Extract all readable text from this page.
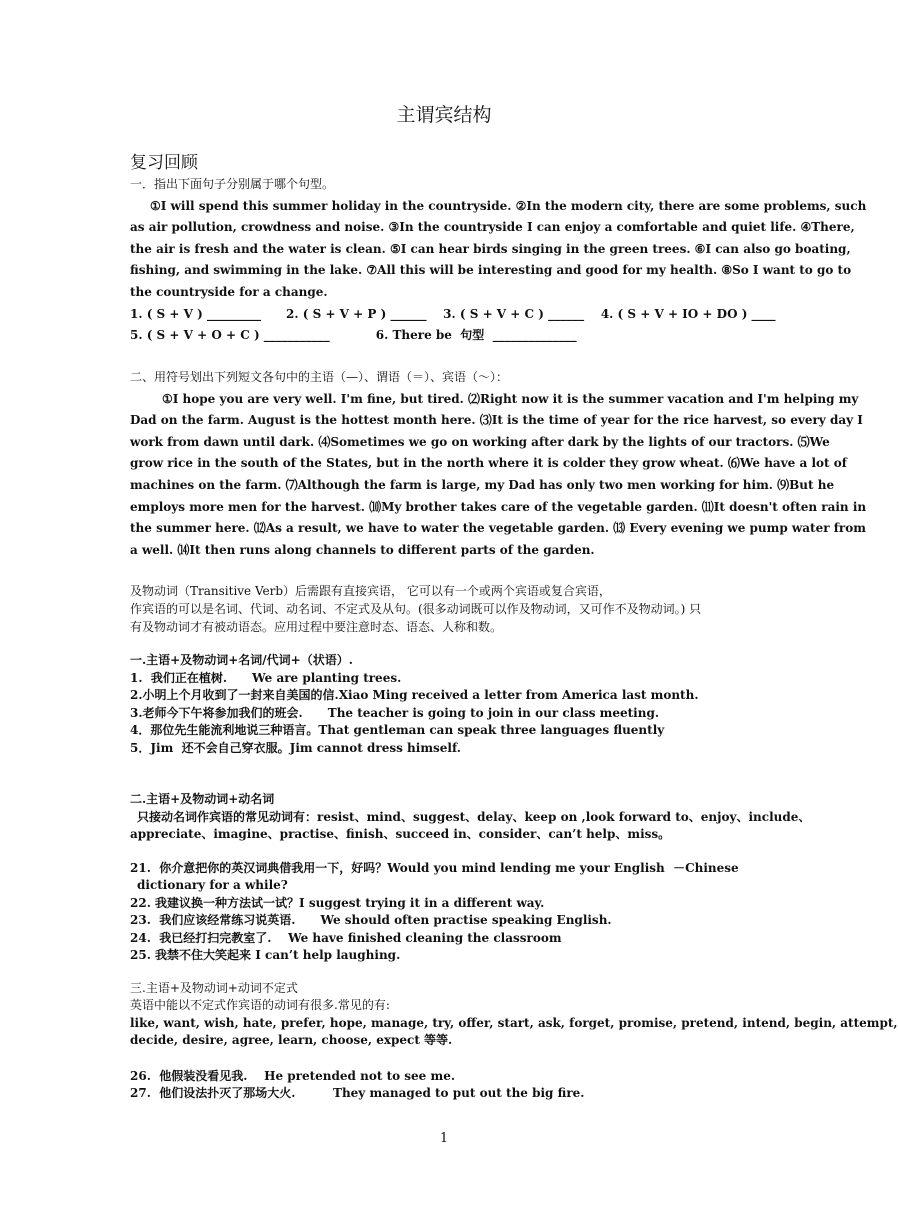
主谓宾结构
复习回顾
一．指出下面句子分别属于哪个句型。
①I will spend this summer holiday in the countryside. ②In the modern city, there are some problems, such
as air pollution, crowdness and noise. ③In the countryside I can enjoy a comfortable and quiet life. ④There,
the air is fresh and the water is clean. ⑤I can hear birds singing in the green trees. ⑥I can also go boating,
fishing, and swimming in the lake. ⑦All this will be interesting and good for my health. ⑧So I want to go to
the countryside for a change.
1. ( S + V ) _________      2. ( S + V + P ) ______    3. ( S + V + C ) ______    4. ( S + V + IO + DO ) ____
5. ( S + V + O + C ) ___________           6. There be  句型  ______________
二、用符号划出下列短文各句中的主语（—）、谓语（＝）、宾语（～）：
①I hope you are very well. I'm fine, but tired. ⑵Right now it is the summer vacation and I'm helping my
Dad on the farm. August is the hottest month here. ⑶It is the time of year for the rice harvest, so every day I
work from dawn until dark. ⑷Sometimes we go on working after dark by the lights of our tractors. ⑸We
grow rice in the south of the States, but in the north where it is colder they grow wheat. ⑹We have a lot of
machines on the farm. ⑺Although the farm is large, my Dad has only two men working for him. ⑼But he
employs more men for the harvest. ⑽My brother takes care of the vegetable garden. ⑾It doesn't often rain in
the summer here. ⑿As a result, we have to water the vegetable garden. ⒀ Every evening we pump water from
a well. ⒁It then runs along channels to different parts of the garden.
及物动词（Transitive Verb）后需跟有直接宾语， 它可以有一个或两个宾语或复合宾语，
作宾语的可以是名词、代词、动名词、不定式及从句。(很多动词既可以作及物动词，又可作不及物动词。) 只
有及物动词才有被动语态。应用过程中要注意时态、语态、人称和数。
一.主语+及物动词+名词/代词+（状语）.
1.  我们正在植树.      We are planting trees.
2.小明上个月收到了一封来自美国的信.Xiao Ming received a letter from America last month.
3.老师今下午将参加我们的班会.      The teacher is going to join in our class meeting.
4．那位先生能流利地说三种语言。That gentleman can speak three languages fluently
5．Jim  还不会自己穿衣服。Jim cannot dress himself.
二.主语+及物动词+动名词
只接动名词作宾语的常见动词有：resist、mind、suggest、delay、keep on ,look forward to、enjoy、include、
appreciate、imagine、practise、finish、succeed in、consider、can’t help、miss。
21.  你介意把你的英汉词典借我用一下，好吗？Would you mind lending me your English  －Chinese
dictionary for a while?
22. 我建议换一种方法试一试？I suggest trying it in a different way.
23.  我们应该经常练习说英语.      We should often practise speaking English.
24.  我已经打扫完教室了.    We have finished cleaning the classroom
25. 我禁不住大笑起来 I can’t help laughing.
三.主语+及物动词+动词不定式
英语中能以不定式作宾语的动词有很多.常见的有:
like, want, wish, hate, prefer, hope, manage, try, offer, start, ask, forget, promise, pretend, intend, begin, attempt,
decide, desire, agree, learn, choose, expect 等等.
26.  他假装没看见我.    He pretended not to see me.
27.  他们设法扑灭了那场大火.         They managed to put out the big fire.
1
